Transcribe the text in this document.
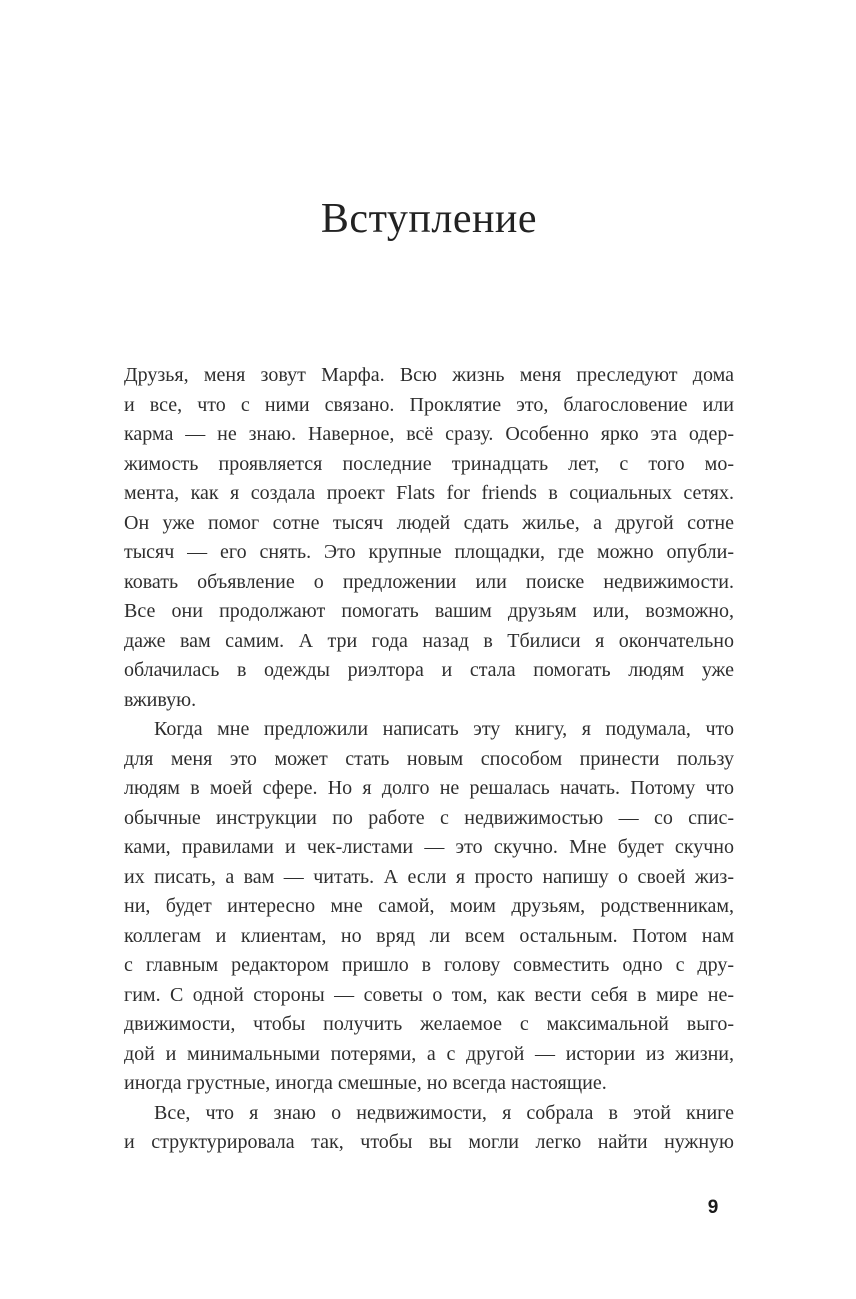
Вступление
Друзья, меня зовут Марфа. Всю жизнь меня преследуют дома
и все, что с ними связано. Проклятие это, благословение или
карма — не знаю. Наверное, всё сразу. Особенно ярко эта одер-
жимость проявляется последние тринадцать лет, с того мо-
мента, как я создала проект Flats for friends в социальных сетях.
Он уже помог сотне тысяч людей сдать жилье, а другой сотне
тысяч — его снять. Это крупные площадки, где можно опубли-
ковать объявление о предложении или поиске недвижимости.
Все они продолжают помогать вашим друзьям или, возможно,
даже вам самим. А три года назад в Тбилиси я окончательно
облачилась в одежды риэлтора и стала помогать людям уже
вживую.
Когда мне предложили написать эту книгу, я подумала, что
для меня это может стать новым способом принести пользу
людям в моей сфере. Но я долго не решалась начать. Потому что
обычные инструкции по работе с недвижимостью — со спис-
ками, правилами и чек-листами — это скучно. Мне будет скучно
их писать, а вам — читать. А если я просто напишу о своей жиз-
ни, будет интересно мне самой, моим друзьям, родственникам,
коллегам и клиентам, но вряд ли всем остальным. Потом нам
с главным редактором пришло в голову совместить одно с дру-
гим. С одной стороны — советы о том, как вести себя в мире не-
движимости, чтобы получить желаемое с максимальной выго-
дой и минимальными потерями, а с другой — истории из жизни,
иногда грустные, иногда смешные, но всегда настоящие.
Все, что я знаю о недвижимости, я собрала в этой книге
и структурировала так, чтобы вы могли легко найти нужную
9
